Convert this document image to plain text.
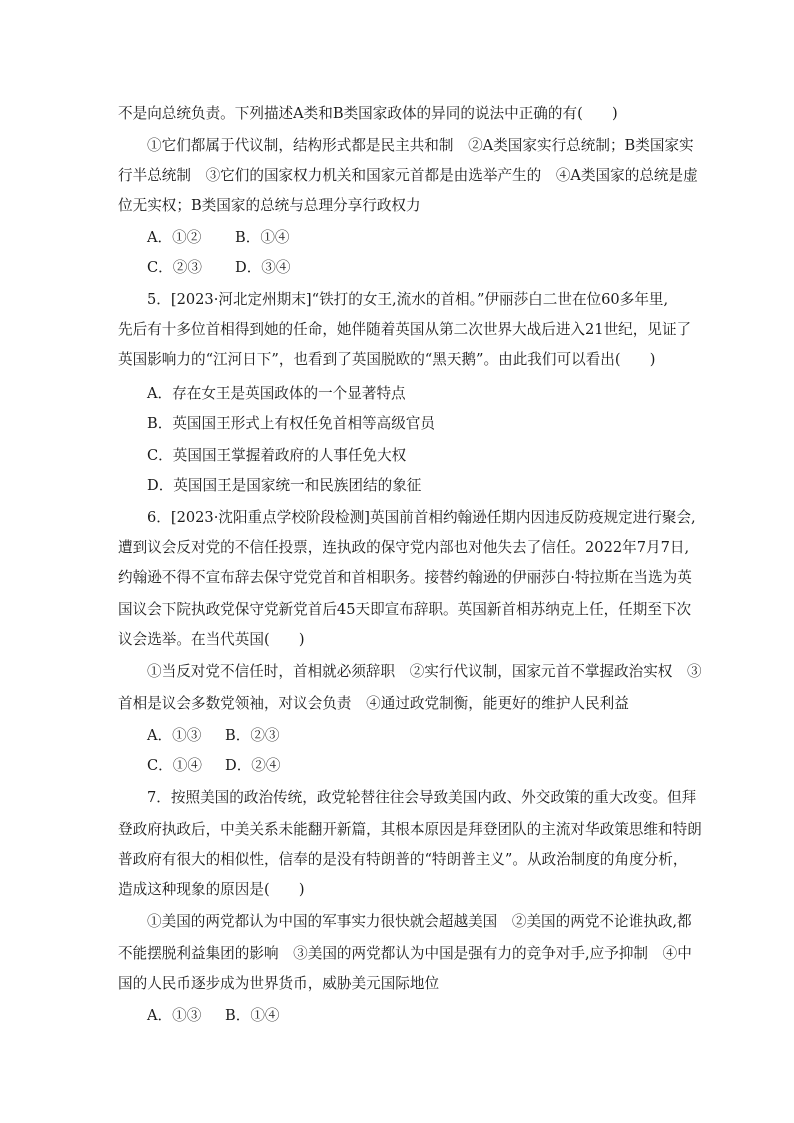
不是向总统负责。下列描述A类和B类国家政体的异同的说法中正确的有(　　)
①它们都属于代议制，结构形式都是民主共和制　②A类国家实行总统制；B类国家实
行半总统制　③它们的国家权力机关和国家元首都是由选举产生的　④A类国家的总统是虚
位无实权；B类国家的总统与总理分享行政权力
A．①② B．①④
C．②③ D．③④
5．[2023·河北定州期末]“铁打的女王,流水的首相。”伊丽莎白二世在位60多年里,
先后有十多位首相得到她的任命，她伴随着英国从第二次世界大战后进入21世纪，见证了
英国影响力的“江河日下”，也看到了英国脱欧的“黑天鹅”。由此我们可以看出(　　)
A．存在女王是英国政体的一个显著特点
B．英国国王形式上有权任免首相等高级官员
C．英国国王掌握着政府的人事任免大权
D．英国国王是国家统一和民族团结的象征
6．[2023·沈阳重点学校阶段检测]英国前首相约翰逊任期内因违反防疫规定进行聚会,
遭到议会反对党的不信任投票，连执政的保守党内部也对他失去了信任。2022年7月7日,
约翰逊不得不宣布辞去保守党党首和首相职务。接替约翰逊的伊丽莎白·特拉斯在当选为英
国议会下院执政党保守党新党首后45天即宣布辞职。英国新首相苏纳克上任，任期至下次
议会选举。在当代英国(　　)
①当反对党不信任时，首相就必须辞职　②实行代议制，国家元首不掌握政治实权　③
首相是议会多数党领袖，对议会负责　④通过政党制衡，能更好的维护人民利益
A．①③ B．②③
C．①④ D．②④
7．按照美国的政治传统，政党轮替往往会导致美国内政、外交政策的重大改变。但拜
登政府执政后，中美关系未能翻开新篇，其根本原因是拜登团队的主流对华政策思维和特朗
普政府有很大的相似性，信奉的是没有特朗普的“特朗普主义”。从政治制度的角度分析，
造成这种现象的原因是(　　)
①美国的两党都认为中国的军事实力很快就会超越美国　②美国的两党不论谁执政,都
不能摆脱利益集团的影响　③美国的两党都认为中国是强有力的竞争对手,应予抑制　④中
国的人民币逐步成为世界货币，威胁美元国际地位
A．①③ B．①④
